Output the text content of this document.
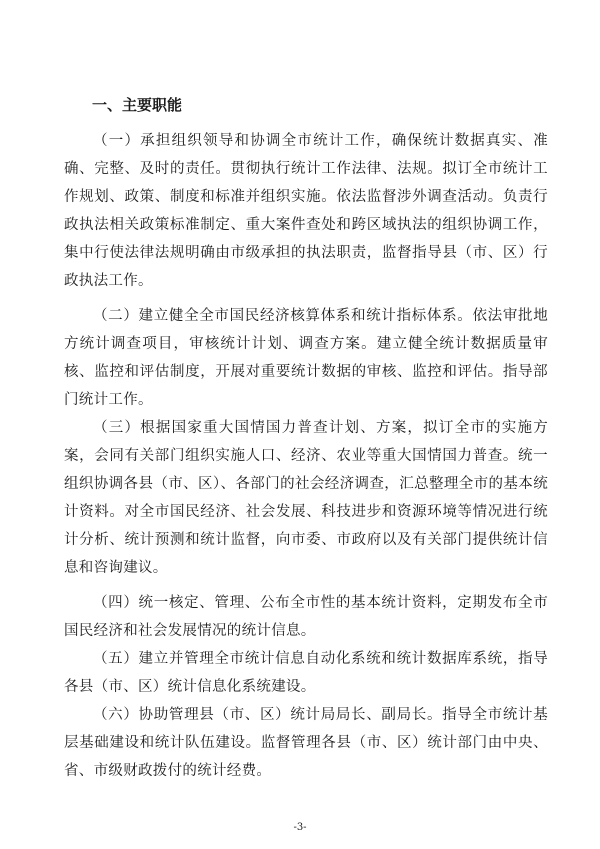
一、主要职能

（一）承担组织领导和协调全市统计工作，确保统计数据真实、准确、完整、及时的责任。贯彻执行统计工作法律、法规。拟订全市统计工作规划、政策、制度和标准并组织实施。依法监督涉外调查活动。负责行政执法相关政策标准制定、重大案件查处和跨区域执法的组织协调工作，集中行使法律法规明确由市级承担的执法职责，监督指导县（市、区）行政执法工作。

（二）建立健全全市国民经济核算体系和统计指标体系。依法审批地方统计调查项目，审核统计计划、调查方案。建立健全统计数据质量审核、监控和评估制度，开展对重要统计数据的审核、监控和评估。指导部门统计工作。

（三）根据国家重大国情国力普查计划、方案，拟订全市的实施方案，会同有关部门组织实施人口、经济、农业等重大国情国力普查。统一组织协调各县（市、区）、各部门的社会经济调查，汇总整理全市的基本统计资料。对全市国民经济、社会发展、科技进步和资源环境等情况进行统计分析、统计预测和统计监督，向市委、市政府以及有关部门提供统计信息和咨询建议。

（四）统一核定、管理、公布全市性的基本统计资料，定期发布全市国民经济和社会发展情况的统计信息。

（五）建立并管理全市统计信息自动化系统和统计数据库系统，指导各县（市、区）统计信息化系统建设。

（六）协助管理县（市、区）统计局局长、副局长。指导全市统计基层基础建设和统计队伍建设。监督管理各县（市、区）统计部门由中央、省、市级财政拨付的统计经费。

-3-
